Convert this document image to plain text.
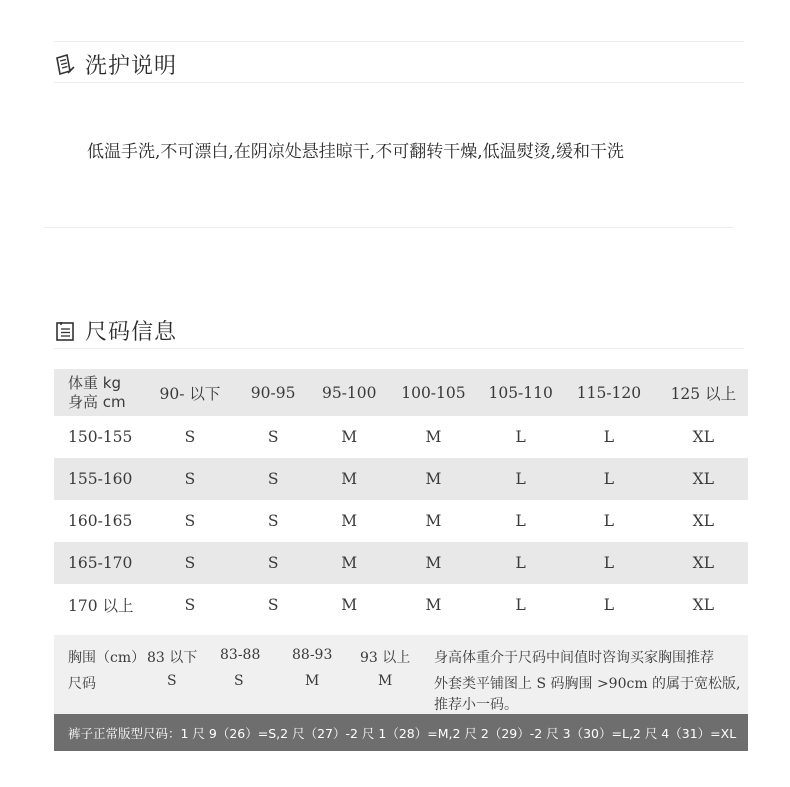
洗护说明
低温手洗,不可漂白,在阴凉处悬挂晾干,不可翻转干燥,低温熨烫,缓和干洗
尺码信息
体重 kg
身高 cm	90- 以下	90-95	95-100	100-105	105-110	115-120	125 以上
150-155	S	S	M	M	L	L	XL
155-160	S	S	M	M	L	L	XL
160-165	S	S	M	M	L	L	XL
165-170	S	S	M	M	L	L	XL
170 以上	S	S	M	M	L	L	XL
胸围（cm） 83 以下 83-88 88-93 93 以上
尺码	S	S	M	M
身高体重介于尺码中间值时咨询买家胸围推荐
外套类平铺图上 S 码胸围 >90cm 的属于宽松版,
推荐小一码。
裤子正常版型尺码：1 尺 9（26）=S,2 尺（27）-2 尺 1（28）=M,2 尺 2（29）-2 尺 3（30）=L,2 尺 4（31）=XL
